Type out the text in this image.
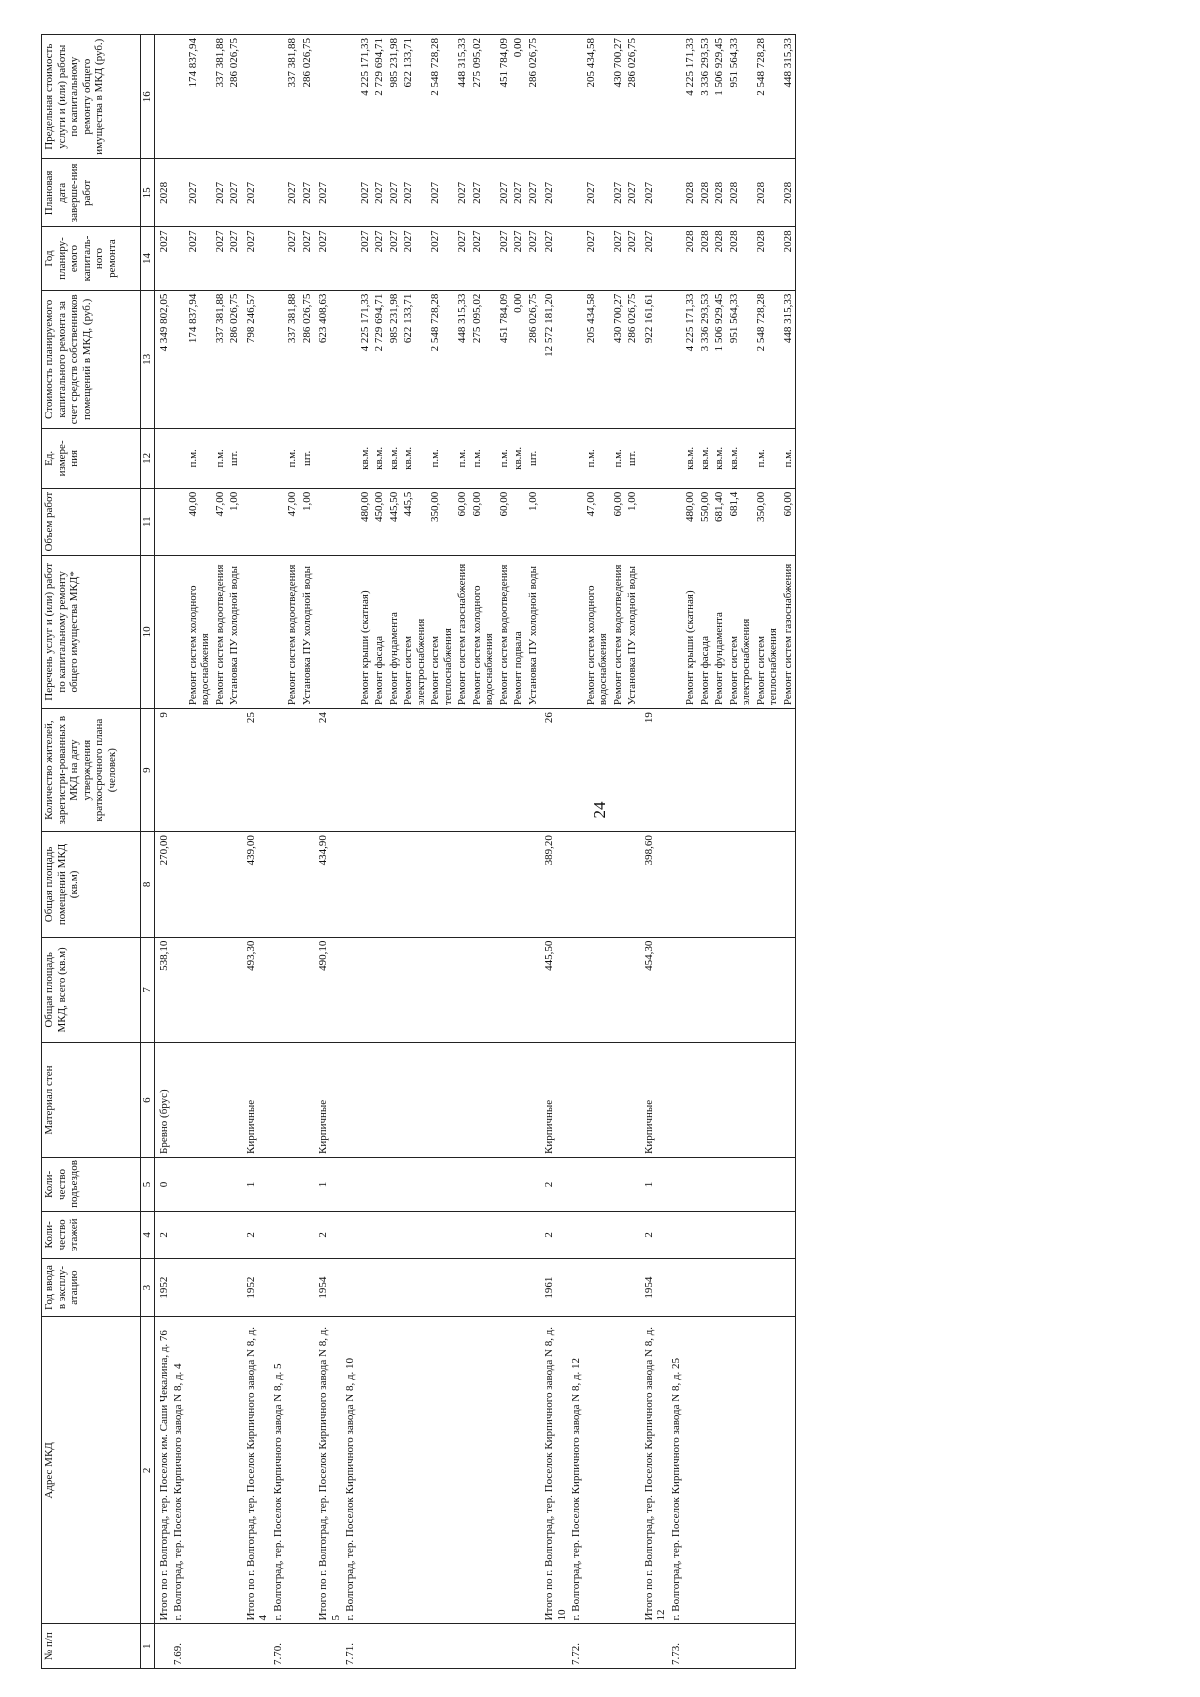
24
№ п/п	Адрес МКД	Год ввода в эксплу-атацию	Коли-чество этажей	Коли-чество подъездов	Материал стен	Общая площадь МКД, всего (кв.м)	Общая площадь помещений МКД (кв.м)	Количество жителей, зарегистри-рованных в МКД на дату утверждения краткосрочного плана (человек)	Перечень услуг и (или) работ по капитальному ремонту общего имущества МКД*	Объем работ	Ед. измере-ния	Стоимость планируемого капитального ремонта за счет средств собственников помещений в МКД, (руб.)	Год планиру-емого капиталь-ного ремонта	Плановая дата заверше-ния работ	Предельная стоимость услуги и (или) работы по капитальному ремонту общего имущества в МКД (руб.)
1	2	3	4	5	6	7	8	9	10	11	12	13	14	15	16
	Итого по г. Волгоград, тер. Поселок им. Саши Чекалина, д. 76	1952	2	0	Бревно (брус)	538,10	270,00	9				4 349 802,05	2027	2028	
7.69.	г. Волгоград, тер. Поселок Кирпичного завода N 8, д. 4														
									Ремонт систем холодного водоснабжения	40,00	п.м.	174 837,94	2027	2027	174 837,94
									Ремонт систем водоотведения	47,00	п.м.	337 381,88	2027	2027	337 381,88
									Установка ПУ холодной воды	1,00	шт.	286 026,75	2027	2027	286 026,75
	Итого по г. Волгоград, тер. Поселок Кирпичного завода N 8, д. 4	1952	2	1	Кирпичные	493,30	439,00	25				798 246,57	2027	2027	
7.70.	г. Волгоград, тер. Поселок Кирпичного завода N 8, д. 5														
									Ремонт систем водоотведения	47,00	п.м.	337 381,88	2027	2027	337 381,88
									Установка ПУ холодной воды	1,00	шт.	286 026,75	2027	2027	286 026,75
	Итого по г. Волгоград, тер. Поселок Кирпичного завода N 8, д. 5	1954	2	1	Кирпичные	490,10	434,90	24				623 408,63	2027	2027	
7.71.	г. Волгоград, тер. Поселок Кирпичного завода N 8, д. 10														
									Ремонт крыши (скатная)	480,00	кв.м.	4 225 171,33	2027	2027	4 225 171,33
									Ремонт фасада	450,00	кв.м.	2 729 694,71	2027	2027	2 729 694,71
									Ремонт фундамента	445,50	кв.м.	985 231,98	2027	2027	985 231,98
									Ремонт систем электроснабжения	445,5	кв.м.	622 133,71	2027	2027	622 133,71
									Ремонт систем теплоснабжения	350,00	п.м.	2 548 728,28	2027	2027	2 548 728,28
									Ремонт систем газоснабжения	60,00	п.м.	448 315,33	2027	2027	448 315,33
									Ремонт систем холодного водоснабжения	60,00	п.м.	275 095,02	2027	2027	275 095,02
									Ремонт систем водоотведения	60,00	п.м.	451 784,09	2027	2027	451 784,09
									Ремонт подвала		кв.м.	0,00	2027	2027	0,00
									Установка ПУ холодной воды	1,00	шт.	286 026,75	2027	2027	286 026,75
	Итого по г. Волгоград, тер. Поселок Кирпичного завода N 8, д. 10	1961	2	2	Кирпичные	445,50	389,20	26				12 572 181,20	2027	2027	
7.72.	г. Волгоград, тер. Поселок Кирпичного завода N 8, д. 12														
									Ремонт систем холодного водоснабжения	47,00	п.м.	205 434,58	2027	2027	205 434,58
									Ремонт систем водоотведения	60,00	п.м.	430 700,27	2027	2027	430 700,27
									Установка ПУ холодной воды	1,00	шт.	286 026,75	2027	2027	286 026,75
	Итого по г. Волгоград, тер. Поселок Кирпичного завода N 8, д. 12	1954	2	1	Кирпичные	454,30	398,60	19				922 161,61	2027	2027	
7.73.	г. Волгоград, тер. Поселок Кирпичного завода N 8, д. 25														
									Ремонт крыши (скатная)	480,00	кв.м.	4 225 171,33	2028	2028	4 225 171,33
									Ремонт фасада	550,00	кв.м.	3 336 293,53	2028	2028	3 336 293,53
									Ремонт фундамента	681,40	кв.м.	1 506 929,45	2028	2028	1 506 929,45
									Ремонт систем электроснабжения	681,4	кв.м.	951 564,33	2028	2028	951 564,33
									Ремонт систем теплоснабжения	350,00	п.м.	2 548 728,28	2028	2028	2 548 728,28
									Ремонт систем газоснабжения	60,00	п.м.	448 315,33	2028	2028	448 315,33
